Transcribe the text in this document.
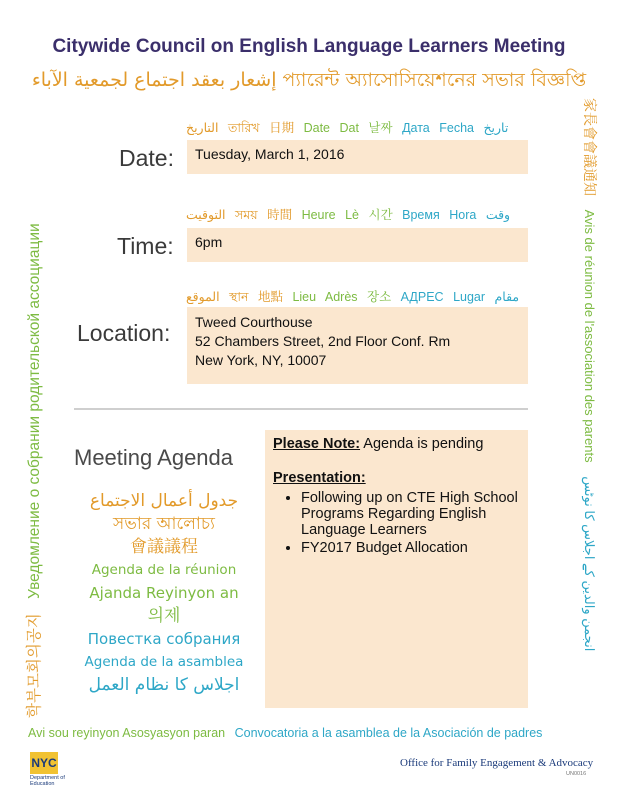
Citywide Council on English Language Learners Meeting
إشعار بعقد اجتماع لجمعية الآباء প্যারেন্ট অ্যাসোসিয়েশনের সভার বিজ্ঞপ্তি
التاريخ তারিখ 日期 Date Dat 날짜 Дата Fecha تاریخ
Date:	Tuesday, March 1, 2016
التوقيت সময় 時間 Heure Lè 시간 Время Hora وقت
Time:	6pm
الموقع স্থান 地點 Lieu Adrès 장소 АДРЕС Lugar مقام
Location: Tweed Courthouse
52 Chambers Street, 2nd Floor Conf. Rm
New York, NY, 10007
Meeting Agenda
جدول أعمال الاجتماع
সভার আলোচ্য
會議議程
Agenda de la réunion
Ajanda Reyinyon an
의제
Повестка собрания
Agenda de la asamblea
اجلاس کا نظام العمل
Please Note: Agenda is pending
Presentation:
• Following up on CTE High School Programs Regarding English Language Learners
• FY2017 Budget Allocation
학부모회의공지 Уведомление о собрании родительской ассоциации
家長會會議通知 Avis de réunion de l'association des parents انجمن والدین کے اجلاس کا نوٹس
Avi sou reyinyon Asosyasyon paran Convocatoria a la asamblea de la Asociación de padres
NYC
Department of Education
Office for Family Engagement & Advocacy
UN0016
